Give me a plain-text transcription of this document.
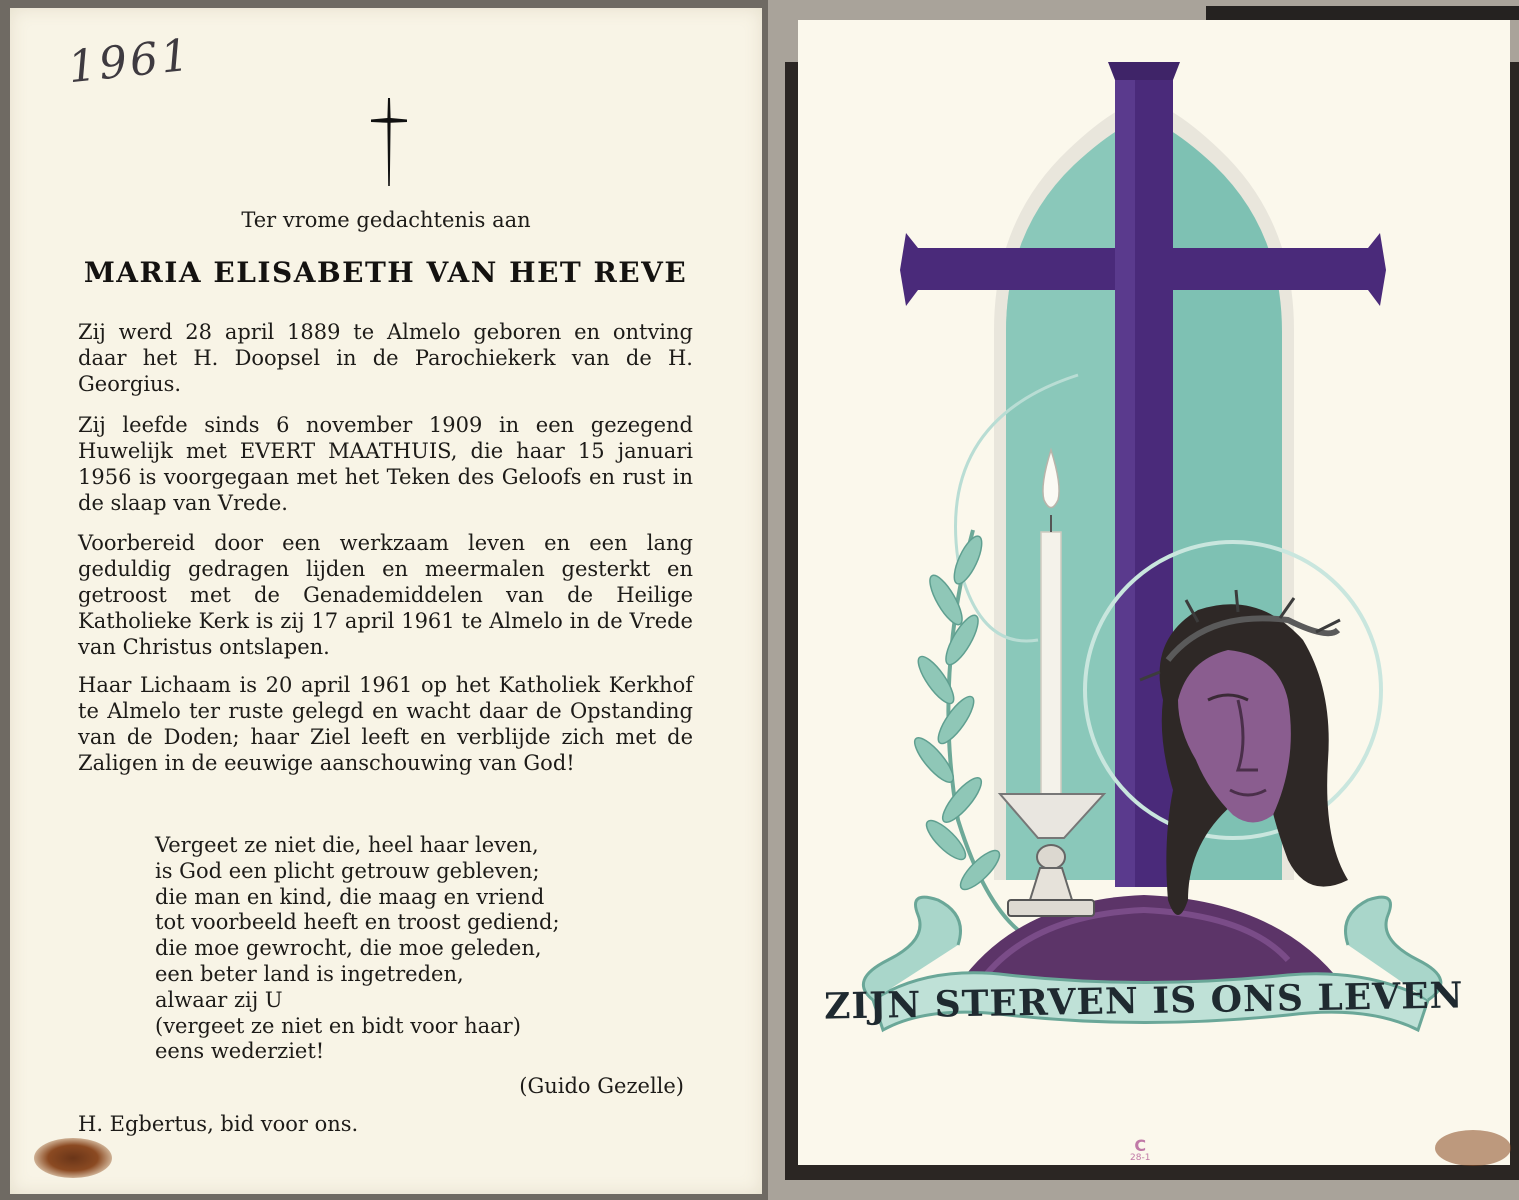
1961
Ter vrome gedachtenis aan
MARIA ELISABETH VAN HET REVE
Zij werd 28 april 1889 te Almelo geboren en ontving daar het H. Doopsel in de Parochiekerk van de H. Georgius.
Zij leefde sinds 6 november 1909 in een gezegend Huwelijk met EVERT MAATHUIS, die haar 15 januari 1956 is voorgegaan met het Teken des Geloofs en rust in de slaap van Vrede.
Voorbereid door een werkzaam leven en een lang geduldig gedragen lijden en meermalen gesterkt en getroost met de Genademiddelen van de Heilige Katholieke Kerk is zij 17 april 1961 te Almelo in de Vrede van Christus ontslapen.
Haar Lichaam is 20 april 1961 op het Katholiek Kerkhof te Almelo ter ruste gelegd en wacht daar de Opstanding van de Doden; haar Ziel leeft en verblijde zich met de Zaligen in de eeuwige aanschouwing van God!
Vergeet ze niet die, heel haar leven,
is God een plicht getrouw gebleven;
die man en kind, die maag en vriend
tot voorbeeld heeft en troost gediend;
die moe gewrocht, die moe geleden,
een beter land is ingetreden,
alwaar zij U
(vergeet ze niet en bidt voor haar)
eens wederziet!
(Guido Gezelle)
H. Egbertus, bid voor ons.
ZIJN STERVEN IS ONS LEVEN
C
28-1
